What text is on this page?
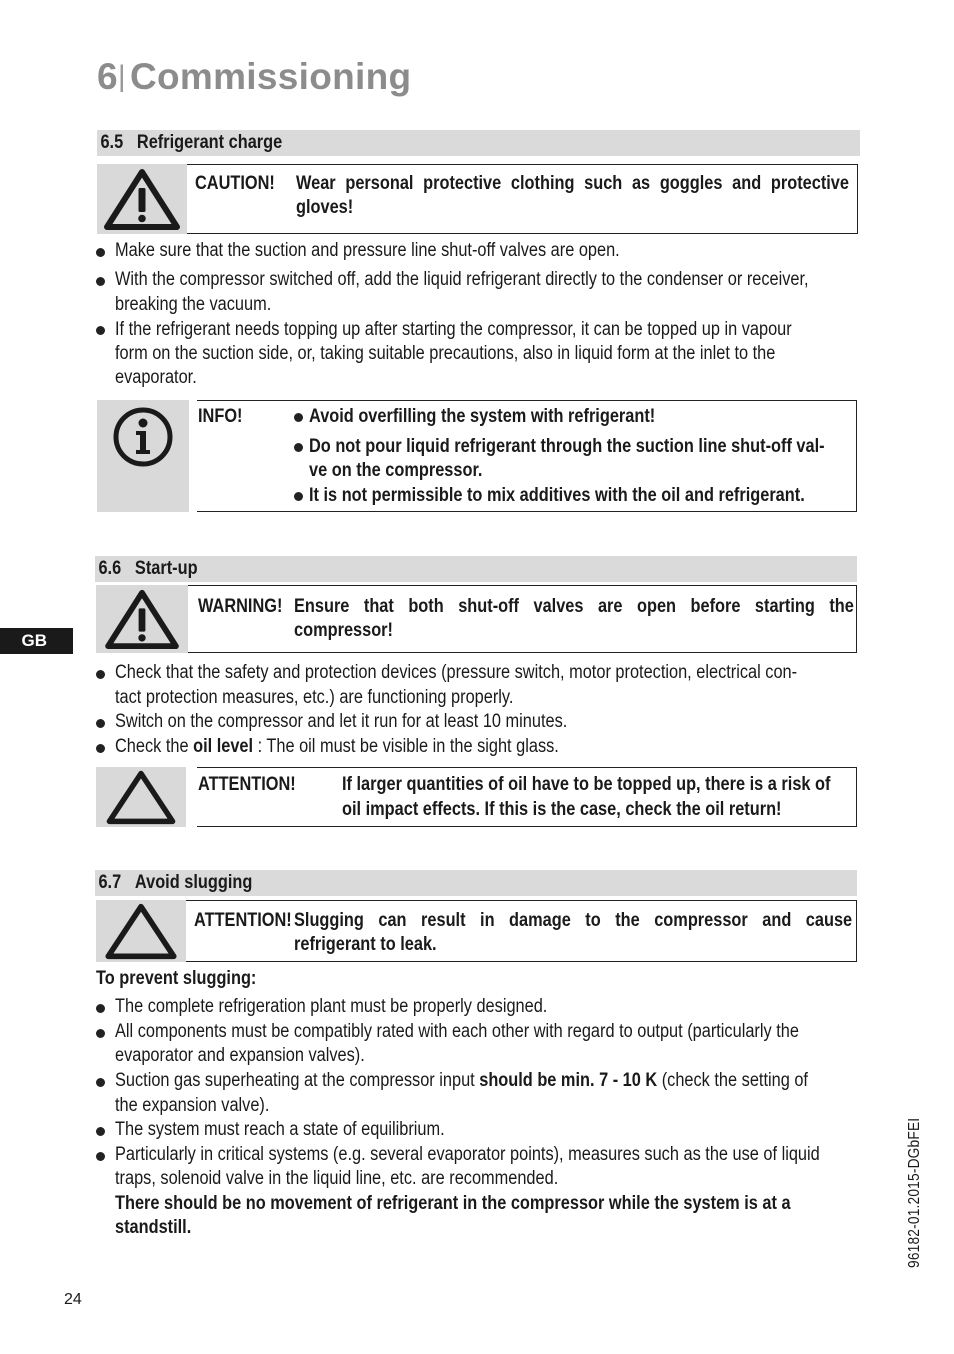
6| Commissioning
6.5 Refrigerant charge
CAUTION! Wear personal protective clothing such as goggles and protective
gloves!
Make sure that the suction and pressure line shut-off valves are open.
With the compressor switched off, add the liquid refrigerant directly to the condenser or receiver,
breaking the vacuum.
If the refrigerant needs topping up after starting the compressor, it can be topped up in vapour
form on the suction side, or, taking suitable precautions, also in liquid form at the inlet to the
evaporator.
INFO!	Avoid overfilling the system with refrigerant!
Do not pour liquid refrigerant through the suction line shut-off val-
ve on the compressor.
It is not permissible to mix additives with the oil and refrigerant.
6.6 Start-up
WARNING! Ensure that both shut-off valves are open before starting the
compressor!
GB
Check that the safety and protection devices (pressure switch, motor protection, electrical con-
tact protection measures, etc.) are functioning properly.
Switch on the compressor and let it run for at least 10 minutes.
Check the oil level : The oil must be visible in the sight glass.
ATTENTION! If larger quantities of oil have to be topped up, there is a risk of
oil impact effects. If this is the case, check the oil return!
6.7 Avoid slugging
ATTENTION! Slugging can result in damage to the compressor and cause
refrigerant to leak.
To prevent slugging:
The complete refrigeration plant must be properly designed.
All components must be compatibly rated with each other with regard to output (particularly the
evaporator and expansion valves).
Suction gas superheating at the compressor input should be min. 7 - 10 K (check the setting of
the expansion valve).
The system must reach a state of equilibrium.
Particularly in critical systems (e.g. several evaporator points), measures such as the use of liquid
traps, solenoid valve in the liquid line, etc. are recommended.
There should be no movement of refrigerant in the compressor while the system is at a
standstill.	96182-01.2015-DGbFEI
24
